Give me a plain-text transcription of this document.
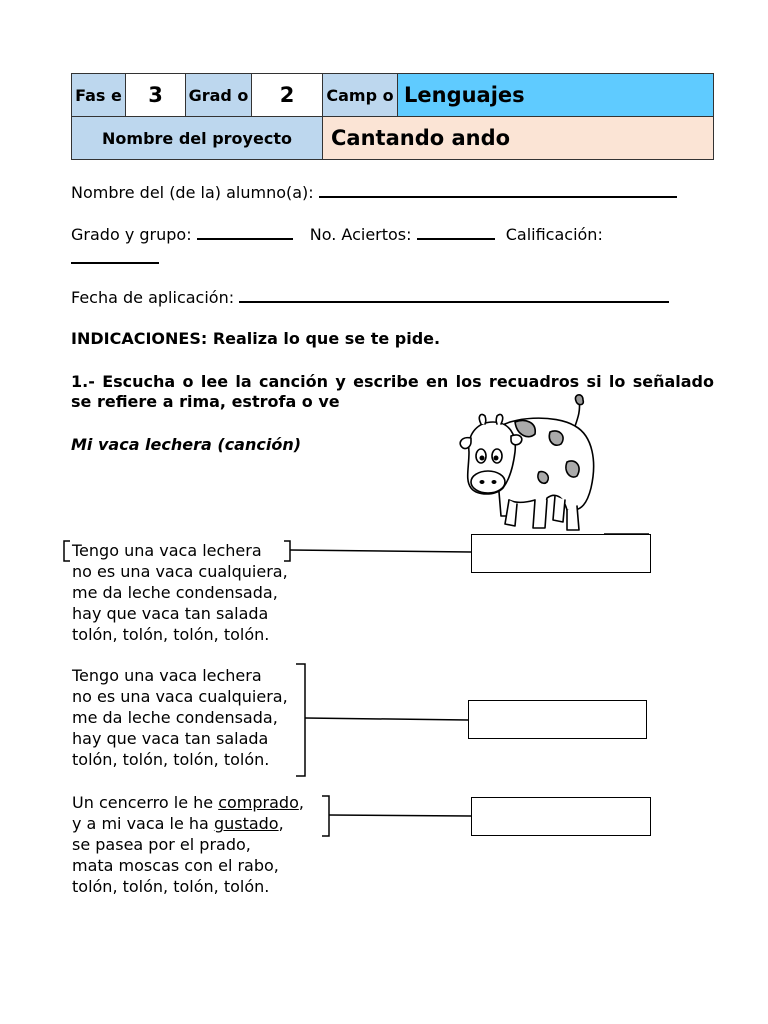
Fas e	3	Grad o	2	Camp o	Lenguajes
Nombre del proyecto				Cantando ando	
Nombre del (de la) alumno(a):
Grado y grupo:	No. Aciertos:	Calificación:
Fecha de aplicación:
INDICACIONES: Realiza lo que se te pide.
1.- Escucha o lee la canción y escribe en los recuadros si lo señalado se refiere a rima, estrofa o ve
Mi vaca lechera (canción)
Tengo una vaca lechera
no es una vaca cualquiera,
me da leche condensada,
hay que vaca tan salada
tolón, tolón, tolón, tolón.
Tengo una vaca lechera
no es una vaca cualquiera,
me da leche condensada,
hay que vaca tan salada
tolón, tolón, tolón, tolón.
Un cencerro le he comprado,
y a mi vaca le ha gustado,
se pasea por el prado,
mata moscas con el rabo,
tolón, tolón, tolón, tolón.
